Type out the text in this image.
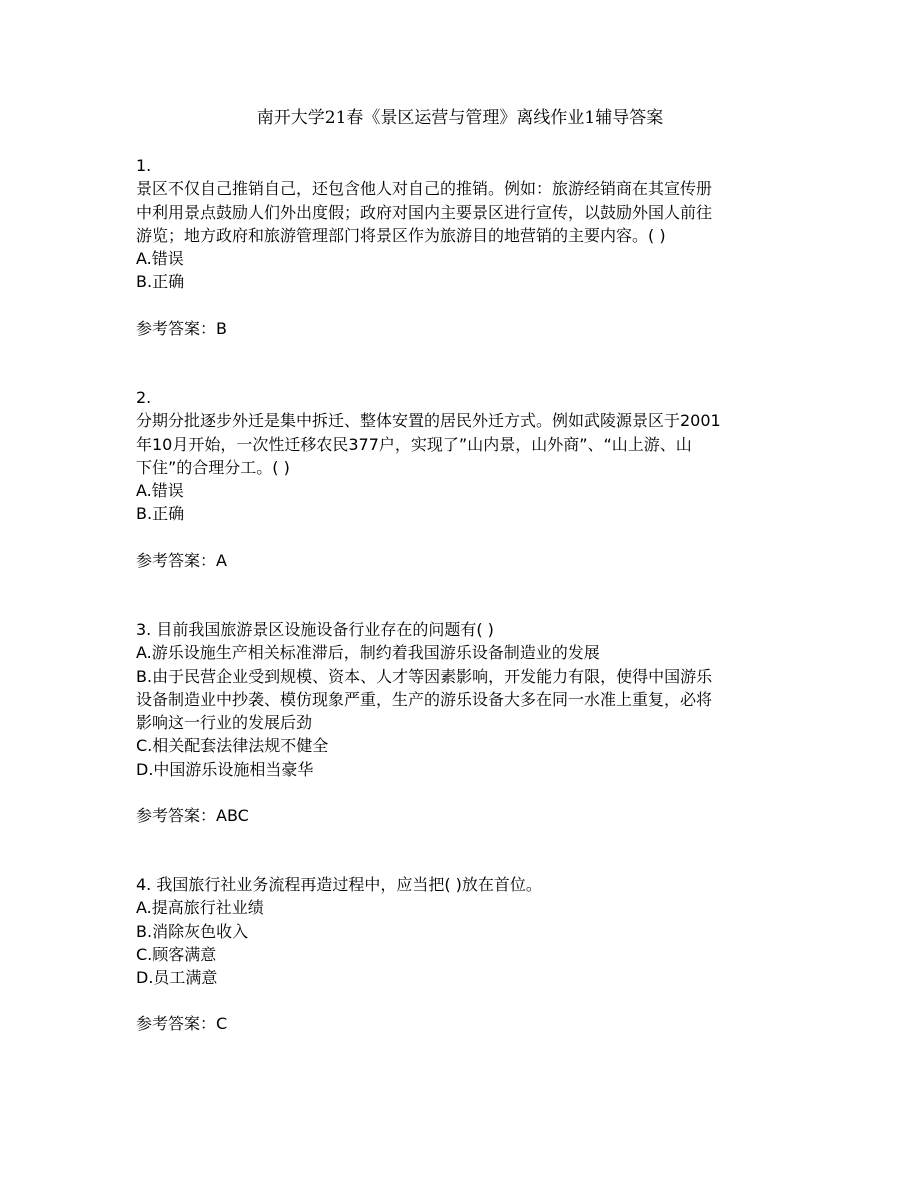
南开大学21春《景区运营与管理》离线作业1辅导答案
1.
景区不仅自己推销自己，还包含他人对自己的推销。例如：旅游经销商在其宣传册
中利用景点鼓励人们外出度假；政府对国内主要景区进行宣传，以鼓励外国人前往
游览；地方政府和旅游管理部门将景区作为旅游目的地营销的主要内容。( )
A.错误
B.正确
参考答案：B
2.
分期分批逐步外迁是集中拆迁、整体安置的居民外迁方式。例如武陵源景区于2001
年10月开始，一次性迁移农民377户，实现了”山内景，山外商”、“山上游、山
下住”的合理分工。( )
A.错误
B.正确
参考答案：A
3. 目前我国旅游景区设施设备行业存在的问题有( )
A.游乐设施生产相关标准滞后，制约着我国游乐设备制造业的发展
B.由于民营企业受到规模、资本、人才等因素影响，开发能力有限，使得中国游乐
设备制造业中抄袭、模仿现象严重，生产的游乐设备大多在同一水准上重复，必将
影响这一行业的发展后劲
C.相关配套法律法规不健全
D.中国游乐设施相当豪华
参考答案：ABC
4. 我国旅行社业务流程再造过程中，应当把( )放在首位。
A.提高旅行社业绩
B.消除灰色收入
C.顾客满意
D.员工满意
参考答案：C
